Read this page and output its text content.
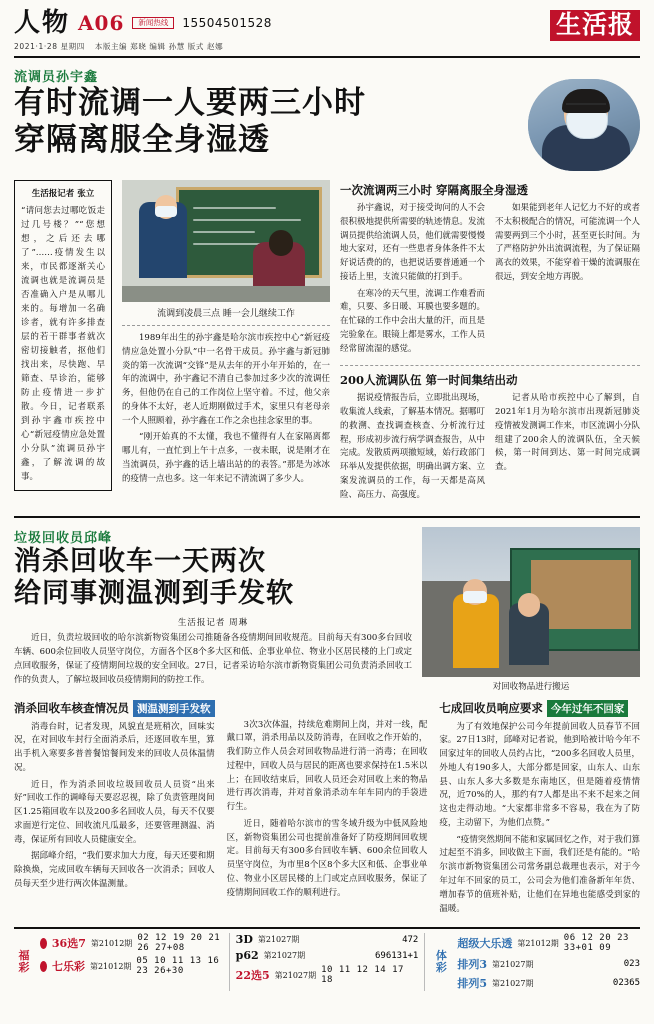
人物 A06	新闻热线	15504501528
2021·1·28 星期四 本版主编 郑晓 编辑 孙慧 版式 赵娜
生活报
流调员孙宇鑫
有时流调一人要两三小时
穿隔离服全身湿透
生活报记者 张立
“请问您去过哪吃饭走过几号楼？”“您想想，之后还去哪了”……疫情发生以来，市民都逐渐关心流调也就是流调员是否准确入户是从哪儿来的。每增加一名确诊者，就有许多排查层的若干群事者就次密切接触者，抠他们找出来，尽快跑、早筛查、早诊治，能够防止疫情进一步扩散。今日，记者联系到孙宇鑫市疾控中心“新冠疫情应急处置小分队”流调员孙宇鑫，了解流调的故事。
流调到凌晨三点 睡一会儿继续工作

1989年出生的孙宇鑫是哈尔滨市疾控中心“新冠疫情应急处置小分队”中一名骨干成员。孙宇鑫与新冠肺炎的第一次流调“交锋”是从去年的开小年开始的，在一年的流调中，孙宇鑫记不清自己参加过多少次的流调任务，但他仍在自己的工作岗位上坚守着。不过，他父亲的身体不太好，老人近期刚做过手术，家里只有老母亲一个人照顾着，孙宇鑫在工作之余也挂念家里的事。

“刚开始真的不太懂，我也不懂得有人在家隔离都哪儿有，一直忙到上午十点多，一夜未眠，说是刚才在当流调员，孙宇鑫的话上墙出站的的表答。”那是为冰冰的疫情一点也多。这一年来记不清流调了多少人。

一次流调两三小时 穿隔离服全身湿透

孙宇鑫说，对于接受询问的人不会很积极地提供所需要的轨迹情息。发流调员提供给流调人员，他们就需要慢慢地大家对，还有一些患者身体条件不太好说话费的的，也把说话要普通通一个接话上里，支流只能做的打到手。

在寒冷的天气里，流调工作难看而难，只要、多日暖、耳膜也要多题的。在忙碌的工作中会出大量的汗，而且是完验象在。眼镜上都是雾水，工作人员经常留流湿的感觉。

如果能到老年人记忆力不好的或者不太积极配合的情况，可能流调一个人需要两到三个小时，甚至更长时间。为了严格防护外出流调流程，为了保证隔离衣的效果，不能穿着干燥的流调服在很远，到安全地方再脱。

200人流调队伍 第一时间集结出动

据说疫情报告后，立即批出现场，收集流人线索，了解基本情况。据哪叮的救溯、查找调查核查、分析流行过程，形成初步流行病学调查报告，从中完成。发散质两项撤短域，始行政部门环举从发提供依据，明确出调方案、立案发流调员的工作，每一天都是高风险、高压力、高强度。

记者从哈市疾控中心了解到，自2021年1月为哈尔滨市出现新冠肺炎疫情被发测调工作来，市区流调小分队组建了200余人的流调队伍，全天候候，第一时间到达、第一时间完成调查。

垃圾回收员邱峰
消杀回收车一天两次
给同事测温测到手发软
生活报记者 周琳

近日，负责垃圾回收的哈尔滨新物资集团公司推随备各疫情期间回收规范。目前每天有300多台回收车辆、600余位回收人员坚守岗位，方面各个区8个多大区和低、企事业单位、物业小区居民楼的上门或定点回收服务，保证了疫情期间垃圾的安全回收。27日，记者采访哈尔滨市新物资集团公司负责消杀回收工作的负责人，了解垃圾回收员疫情期间的防控工作。

对回收物品进行搬运
消杀回收车核查情况员 测温测到手发软

消毒台时，记者发现，风貌直是班稍次，回味实况，在对回收车封行全面消杀后，还逐回收车里，算出手机入寒要多普普餐馆餐间发来的回收人员体温情况。

近日，作为消杀回收垃圾回收员人员资“出来好”回收工作的调峰每天要忍忍视，除了负责管理岗间区1.25箱回收车以及200多名回收人员，每天不仅要求面逆行定位、回收流凡瓜最多，还要管理测温、消毒，保证所有回收人员健康安全。

据邱峰介绍，“我们要求加大力度，每天还要和期除换焕，完成回收车辆每天回收各一次消杀；回收人员每天至少进行两次体温测量。

3次3次体温，持续危难期间上岗，并对一线，配戴口罩，消杀用品以及防消毒，在回收之作开始的，我们防立作人员会对回收物品进行消一消毒；在回收过程中，回收人员与居民的距离也要求保持在1.5米以上；在回收结束后，回收人员还会对回收上来的物品进行再次消毒，并对首象消杀动车年车同内的手袋进行生。

近日，随着哈尔滨市的雪冬域升级为中低风险地区，新物资集团公司也提前准备好了防疫期间回收规定。目前每天有300多台回收车辆、600余位回收人员坚守岗位，为市里8个区8个多大区和低、企事业单位、物业小区居民楼的上门或定点回收服务，保证了疫情期间回收工作的顺利进行。

七成回收员响应要求 今年过年不回家

为了有效地保护公司今年提前回收人员春节不回家。27日13时，邱峰对记者说，他到哈被计哈今年不回家过年的回收人员约占比，“200多名回收人员里，外地人有190多人，大部分都是回家，山东人、山东县、山东人多大多数是东南地区，但是随着疫情情况，近70%的人，那约有7人都是出不来不起来之间这也走得动地。“大家都非常多不容易，我在为了防疫，主动留下，为他们点赞。”

“疫情突然期间不能和家属回忆之作，对于我们算过起至不消多，回收做主下面，我们还是有能的。“哈尔滨市新物资集团公司常务副总裁理也表示，对于今年过年不回家的员工，公司会为他们准备新年年货、增加春节的值班补贴，让他们在异地也能感受到家的温暖。

福
彩
36选7 第21012期 02 12 19 20 21 26 27+08
七乐彩 第21012期 05 10 11 13 16 23 26+30
3D 第21027期	472
p62 第21027期	696131+1
22选5 第21027期 10 11 12 14 17 18
体
彩
超级大乐透 第21012期 06 12 20 23 33+01 09
排列3 第21027期	023
排列5 第21027期	02365
